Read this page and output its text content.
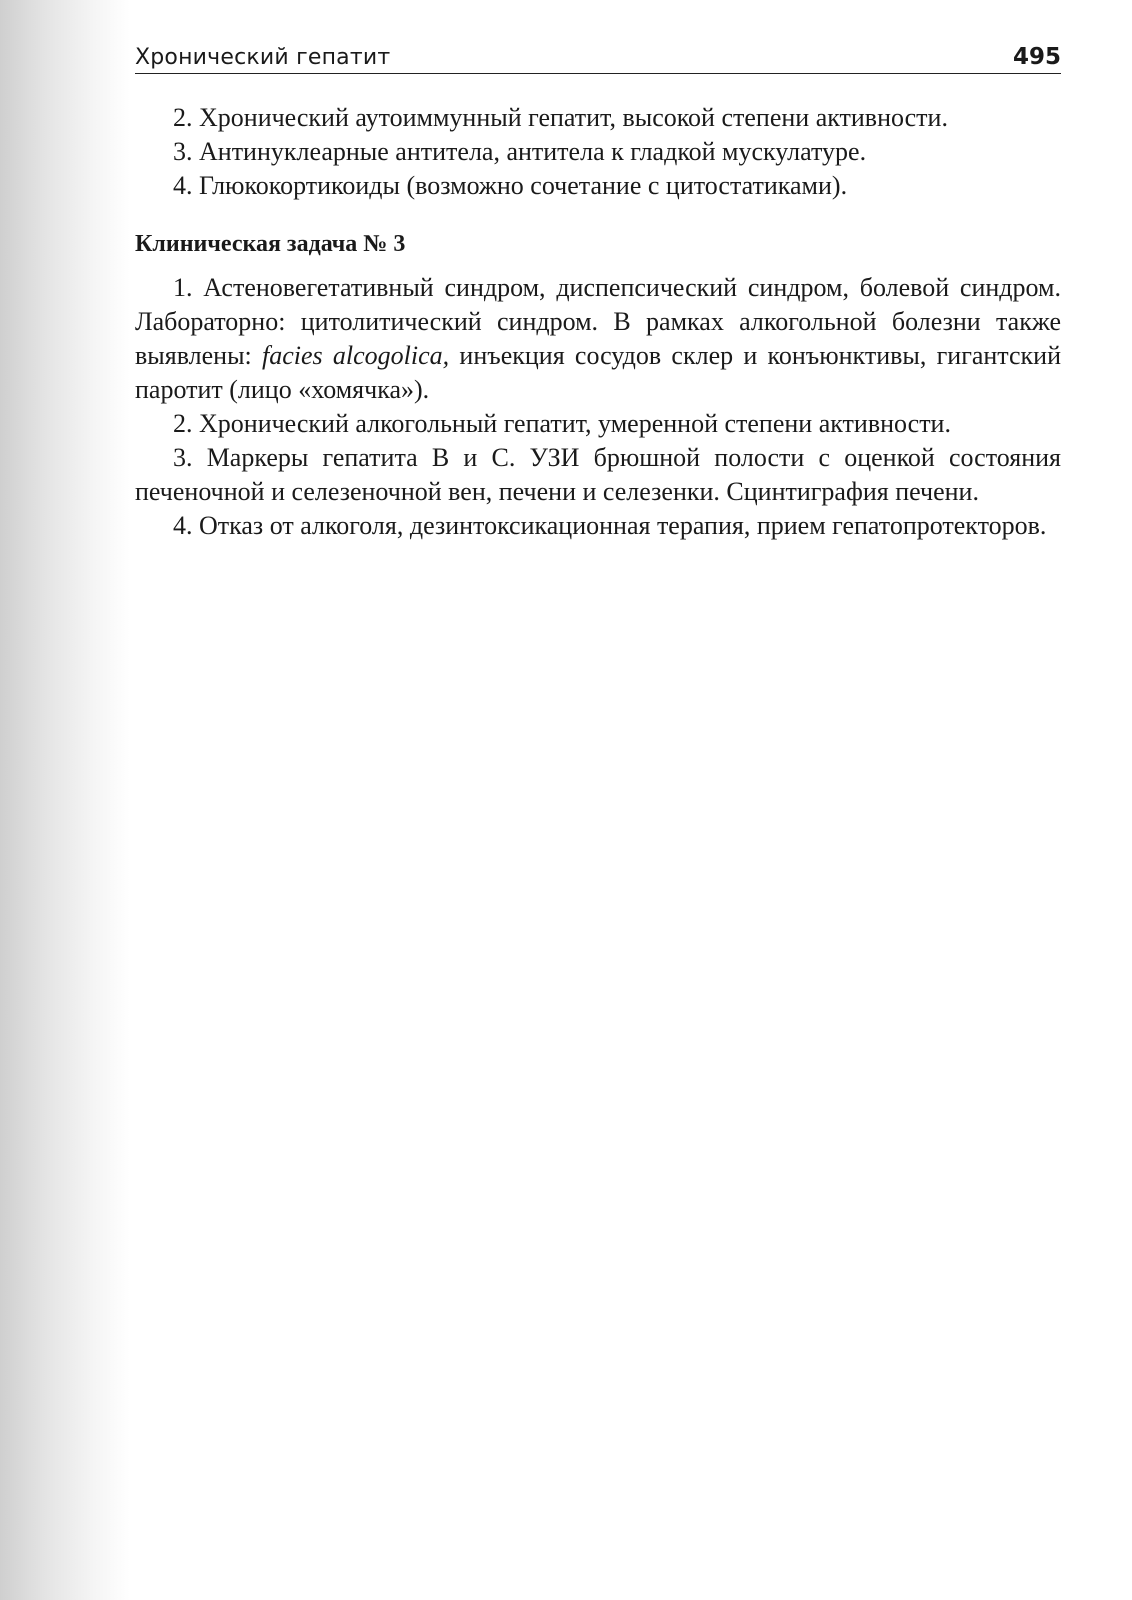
Хронический гепатит	495

2. Хронический аутоиммунный гепатит, высокой степени активности.

3. Антинуклеарные антитела, антитела к гладкой мускулатуре.

4. Глюкокортикоиды (возможно сочетание с цитостатиками).

Клиническая задача № 3

1. Астеновегетативный синдром, диспепсический синдром, болевой синдром. Лабораторно: цитолитический синдром. В рамках алкогольной болезни также выявлены: facies alcogolica, инъекция сосудов склер и конъюнктивы, гигантский паротит (лицо «хомячка»).

2. Хронический алкогольный гепатит, умеренной степени активности.

3. Маркеры гепатита В и С. УЗИ брюшной полости с оценкой состояния печеночной и селезеночной вен, печени и селезенки. Сцинтиграфия печени.

4. Отказ от алкоголя, дезинтоксикационная терапия, прием гепатопротекторов.
